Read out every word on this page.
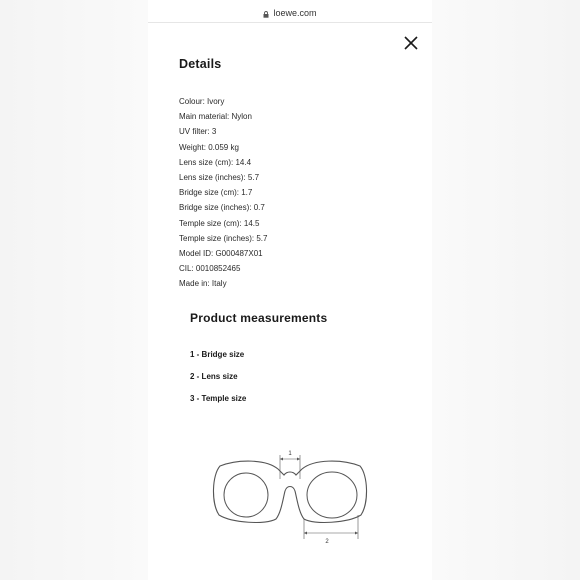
loewe.com
Details
Colour: Ivory
Main material: Nylon
UV filter: 3
Weight: 0.059 kg
Lens size (cm): 14.4
Lens size (inches): 5.7
Bridge size (cm): 1.7
Bridge size (inches): 0.7
Temple size (cm): 14.5
Temple size (inches): 5.7
Model ID: G000487X01
CIL: 0010852465
Made in: Italy
Product measurements
1 - Bridge size
2 - Lens size
3 - Temple size
1
2
